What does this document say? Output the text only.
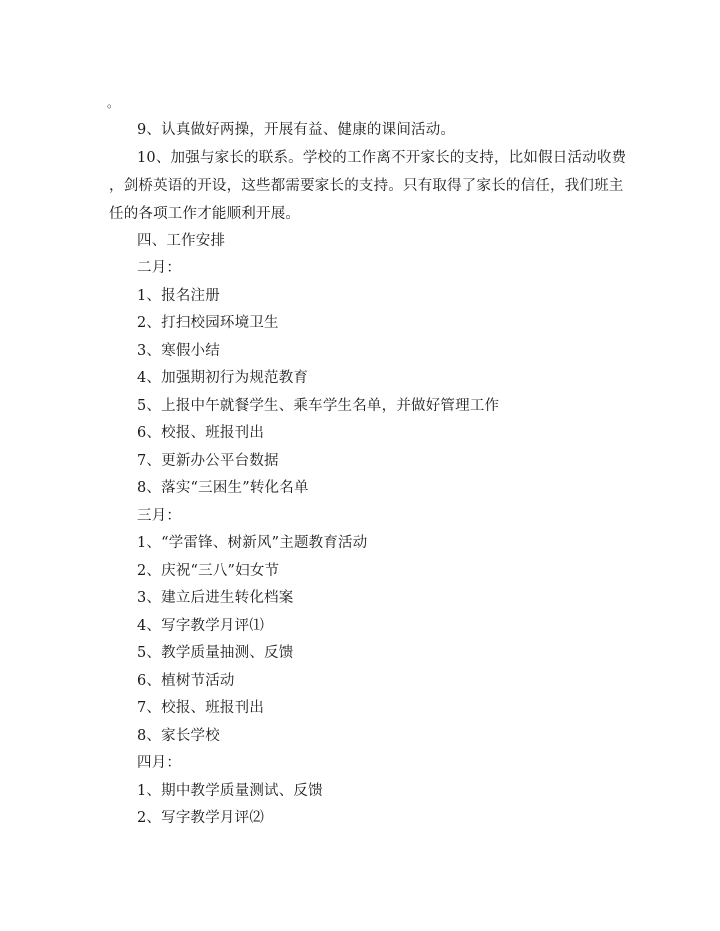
。
9、认真做好两操，开展有益、健康的课间活动。
10、加强与家长的联系。学校的工作离不开家长的支持，比如假日活动收费
，剑桥英语的开设，这些都需要家长的支持。只有取得了家长的信任，我们班主
任的各项工作才能顺利开展。
四、工作安排
二月：
1、报名注册
2、打扫校园环境卫生
3、寒假小结
4、加强期初行为规范教育
5、上报中午就餐学生、乘车学生名单，并做好管理工作
6、校报、班报刊出
7、更新办公平台数据
8、落实“三困生”转化名单
三月：
1、“学雷锋、树新风”主题教育活动
2、庆祝“三八”妇女节
3、建立后进生转化档案
4、写字教学月评⑴
5、教学质量抽测、反馈
6、植树节活动
7、校报、班报刊出
8、家长学校
四月：
1、期中教学质量测试、反馈
2、写字教学月评⑵
